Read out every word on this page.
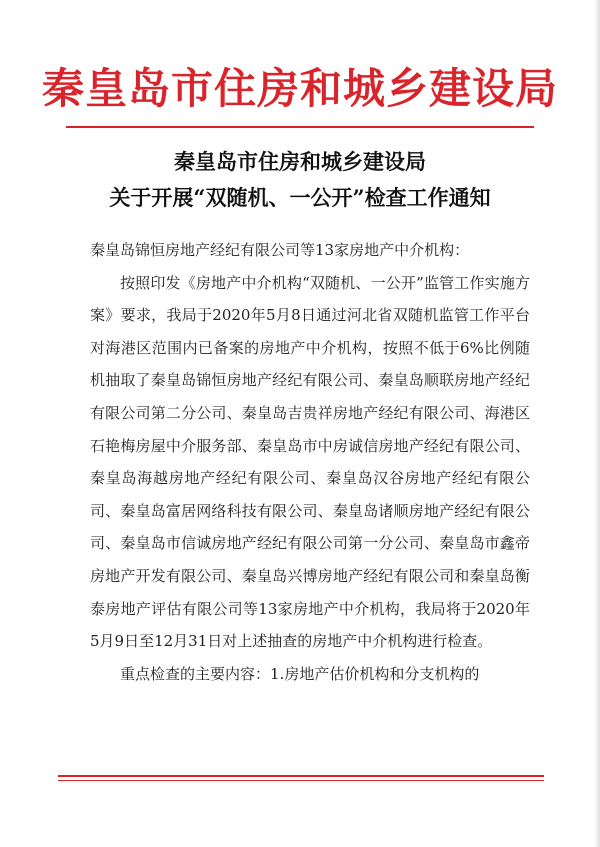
秦皇岛市住房和城乡建设局
秦皇岛市住房和城乡建设局
关于开展“双随机、一公开”检查工作通知

秦皇岛锦恒房地产经纪有限公司等13家房地产中介机构：

按照印发《房地产中介机构“双随机、一公开”监管工作实施方案》要求，我局于2020年5月8日通过河北省双随机监管工作平台对海港区范围内已备案的房地产中介机构，按照不低于6%比例随机抽取了秦皇岛锦恒房地产经纪有限公司、秦皇岛顺联房地产经纪有限公司第二分公司、秦皇岛吉贵祥房地产经纪有限公司、海港区石艳梅房屋中介服务部、秦皇岛市中房诚信房地产经纪有限公司、秦皇岛海越房地产经纪有限公司、秦皇岛汉谷房地产经纪有限公司、秦皇岛富居网络科技有限公司、秦皇岛诸顺房地产经纪有限公司、秦皇岛市信诚房地产经纪有限公司第一分公司、秦皇岛市鑫帝房地产开发有限公司、秦皇岛兴博房地产经纪有限公司和秦皇岛衡泰房地产评估有限公司等13家房地产中介机构，我局将于2020年5月9日至12月31日对上述抽查的房地产中介机构进行检查。

重点检查的主要内容：1.房地产估价机构和分支机构的
